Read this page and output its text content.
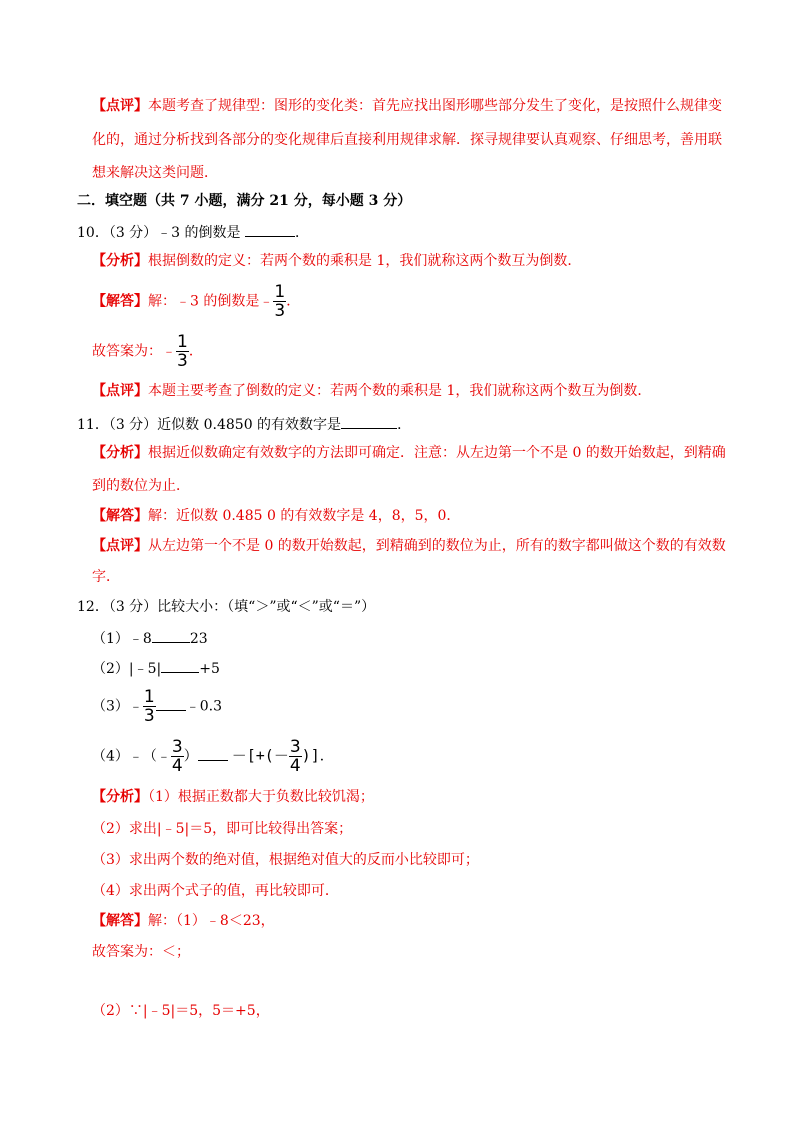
【点评】本题考查了规律型：图形的变化类：首先应找出图形哪些部分发生了变化，是按照什么规律变
化的，通过分析找到各部分的变化规律后直接利用规律求解．探寻规律要认真观察、仔细思考，善用联
想来解决这类问题．
二．填空题（共 7 小题，满分 21 分，每小题 3 分）
10．（3 分）﹣3 的倒数是	．
【分析】根据倒数的定义：若两个数的乘积是 1，我们就称这两个数互为倒数．
【解答】解：﹣3 的倒数是﹣ $\frac{1}{3}$ ．
故答案为：﹣ $\frac{1}{3}$ ．
【点评】本题主要考查了倒数的定义：若两个数的乘积是 1，我们就称这两个数互为倒数．
11．（3 分）近似数 0.4850 的有效数字是	．
【分析】根据近似数确定有效数字的方法即可确定．注意：从左边第一个不是 0 的数开始数起，到精确
到的数位为止．
【解答】解：近似数 0.485 0 的有效数字是 4，8，5，0．
【点评】从左边第一个不是 0 的数开始数起，到精确到的数位为止，所有的数字都叫做这个数的有效数
字．
12．（3 分）比较大小：（填“＞”或“＜”或“＝”）
（1）﹣8	23
（2）|﹣5|	+5
（3）﹣ $\frac{1}{3}$ ﹣0.3
（4）﹣（﹣ $\frac{3}{4}$ ） －[+(－ $\frac{3}{4}$ )]．
【分析】（1）根据正数都大于负数比较饥渴；
（2）求出|﹣5|＝5，即可比较得出答案；
（3）求出两个数的绝对值，根据绝对值大的反而小比较即可；
（4）求出两个式子的值，再比较即可．
【解答】解：（1）﹣8＜23，
故答案为：＜；
（2）∵|﹣5|＝5，5＝+5，
